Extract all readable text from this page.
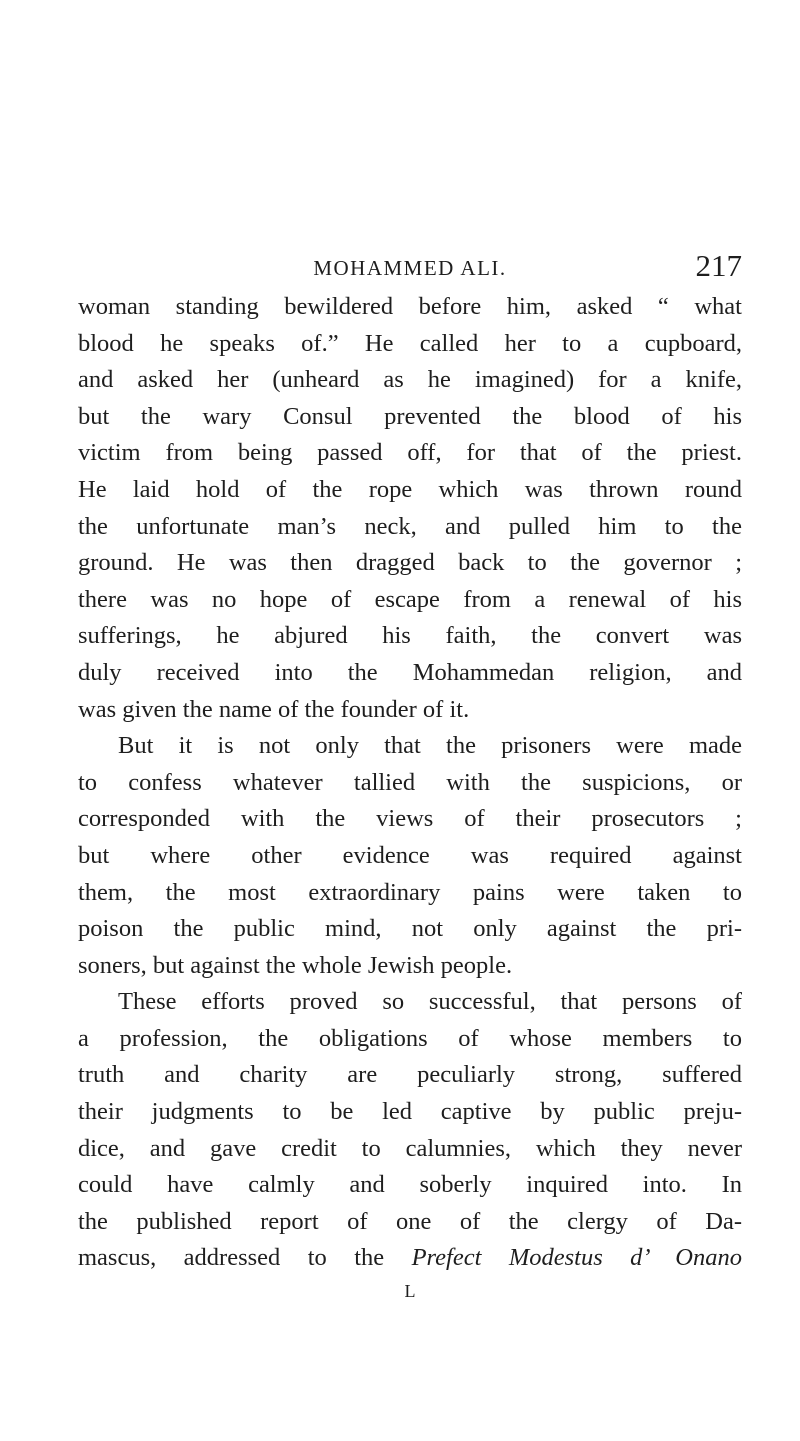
MOHAMMED ALI.	217
woman standing bewildered before him, asked “ what
blood he speaks of.” He called her to a cupboard,
and asked her (unheard as he imagined) for a knife,
but the wary Consul prevented the blood of his
victim from being passed off, for that of the priest.
He laid hold of the rope which was thrown round
the unfortunate man’s neck, and pulled him to the
ground. He was then dragged back to the governor ;
there was no hope of escape from a renewal of his
sufferings, he abjured his faith, the convert was
duly received into the Mohammedan religion, and
was given the name of the founder of it.
But it is not only that the prisoners were made
to confess whatever tallied with the suspicions, or
corresponded with the views of their prosecutors ;
but where other evidence was required against
them, the most extraordinary pains were taken to
poison the public mind, not only against the pri-
soners, but against the whole Jewish people.
These efforts proved so successful, that persons of
a profession, the obligations of whose members to
truth and charity are peculiarly strong, suffered
their judgments to be led captive by public preju-
dice, and gave credit to calumnies, which they never
could have calmly and soberly inquired into. In
the published report of one of the clergy of Da-
mascus, addressed to the Prefect Modestus d’ Onano
L
